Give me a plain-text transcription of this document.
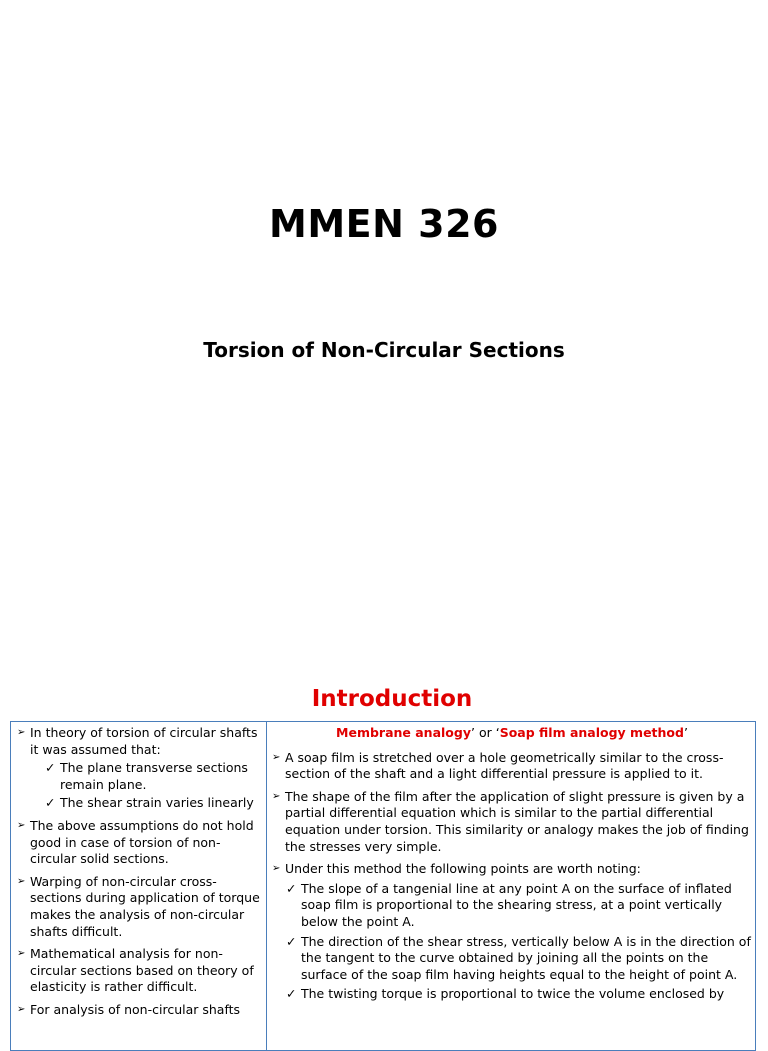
MMEN 326
Torsion of Non-Circular Sections
Introduction
➢ In theory of torsion of circular shafts it was assumed that:
✓ The plane transverse sections remain plane.
✓ The shear strain varies linearly
➢ The above assumptions do not hold good in case of torsion of non-circular solid sections.
➢ Warping of non-circular cross-sections during application of torque makes the analysis of non-circular shafts difficult.
➢ Mathematical analysis for non-circular sections based on theory of elasticity is rather difficult.
➢ For analysis of non-circular shafts
Membrane analogy’ or ‘Soap film analogy method’
➢ A soap film is stretched over a hole geometrically similar to the cross-section of the shaft and a light differential pressure is applied to it.
➢ The shape of the film after the application of slight pressure is given by a partial differential equation which is similar to the partial differential equation under torsion. This similarity or analogy makes the job of finding the stresses very simple.
➢ Under this method the following points are worth noting:
✓ The slope of a tangenial line at any point A on the surface of inflated soap film is proportional to the shearing stress, at a point vertically below the point A.
✓ The direction of the shear stress, vertically below A is in the direction of the tangent to the curve obtained by joining all the points on the surface of the soap film having heights equal to the height of point A.
✓ The twisting torque is proportional to twice the volume enclosed by
